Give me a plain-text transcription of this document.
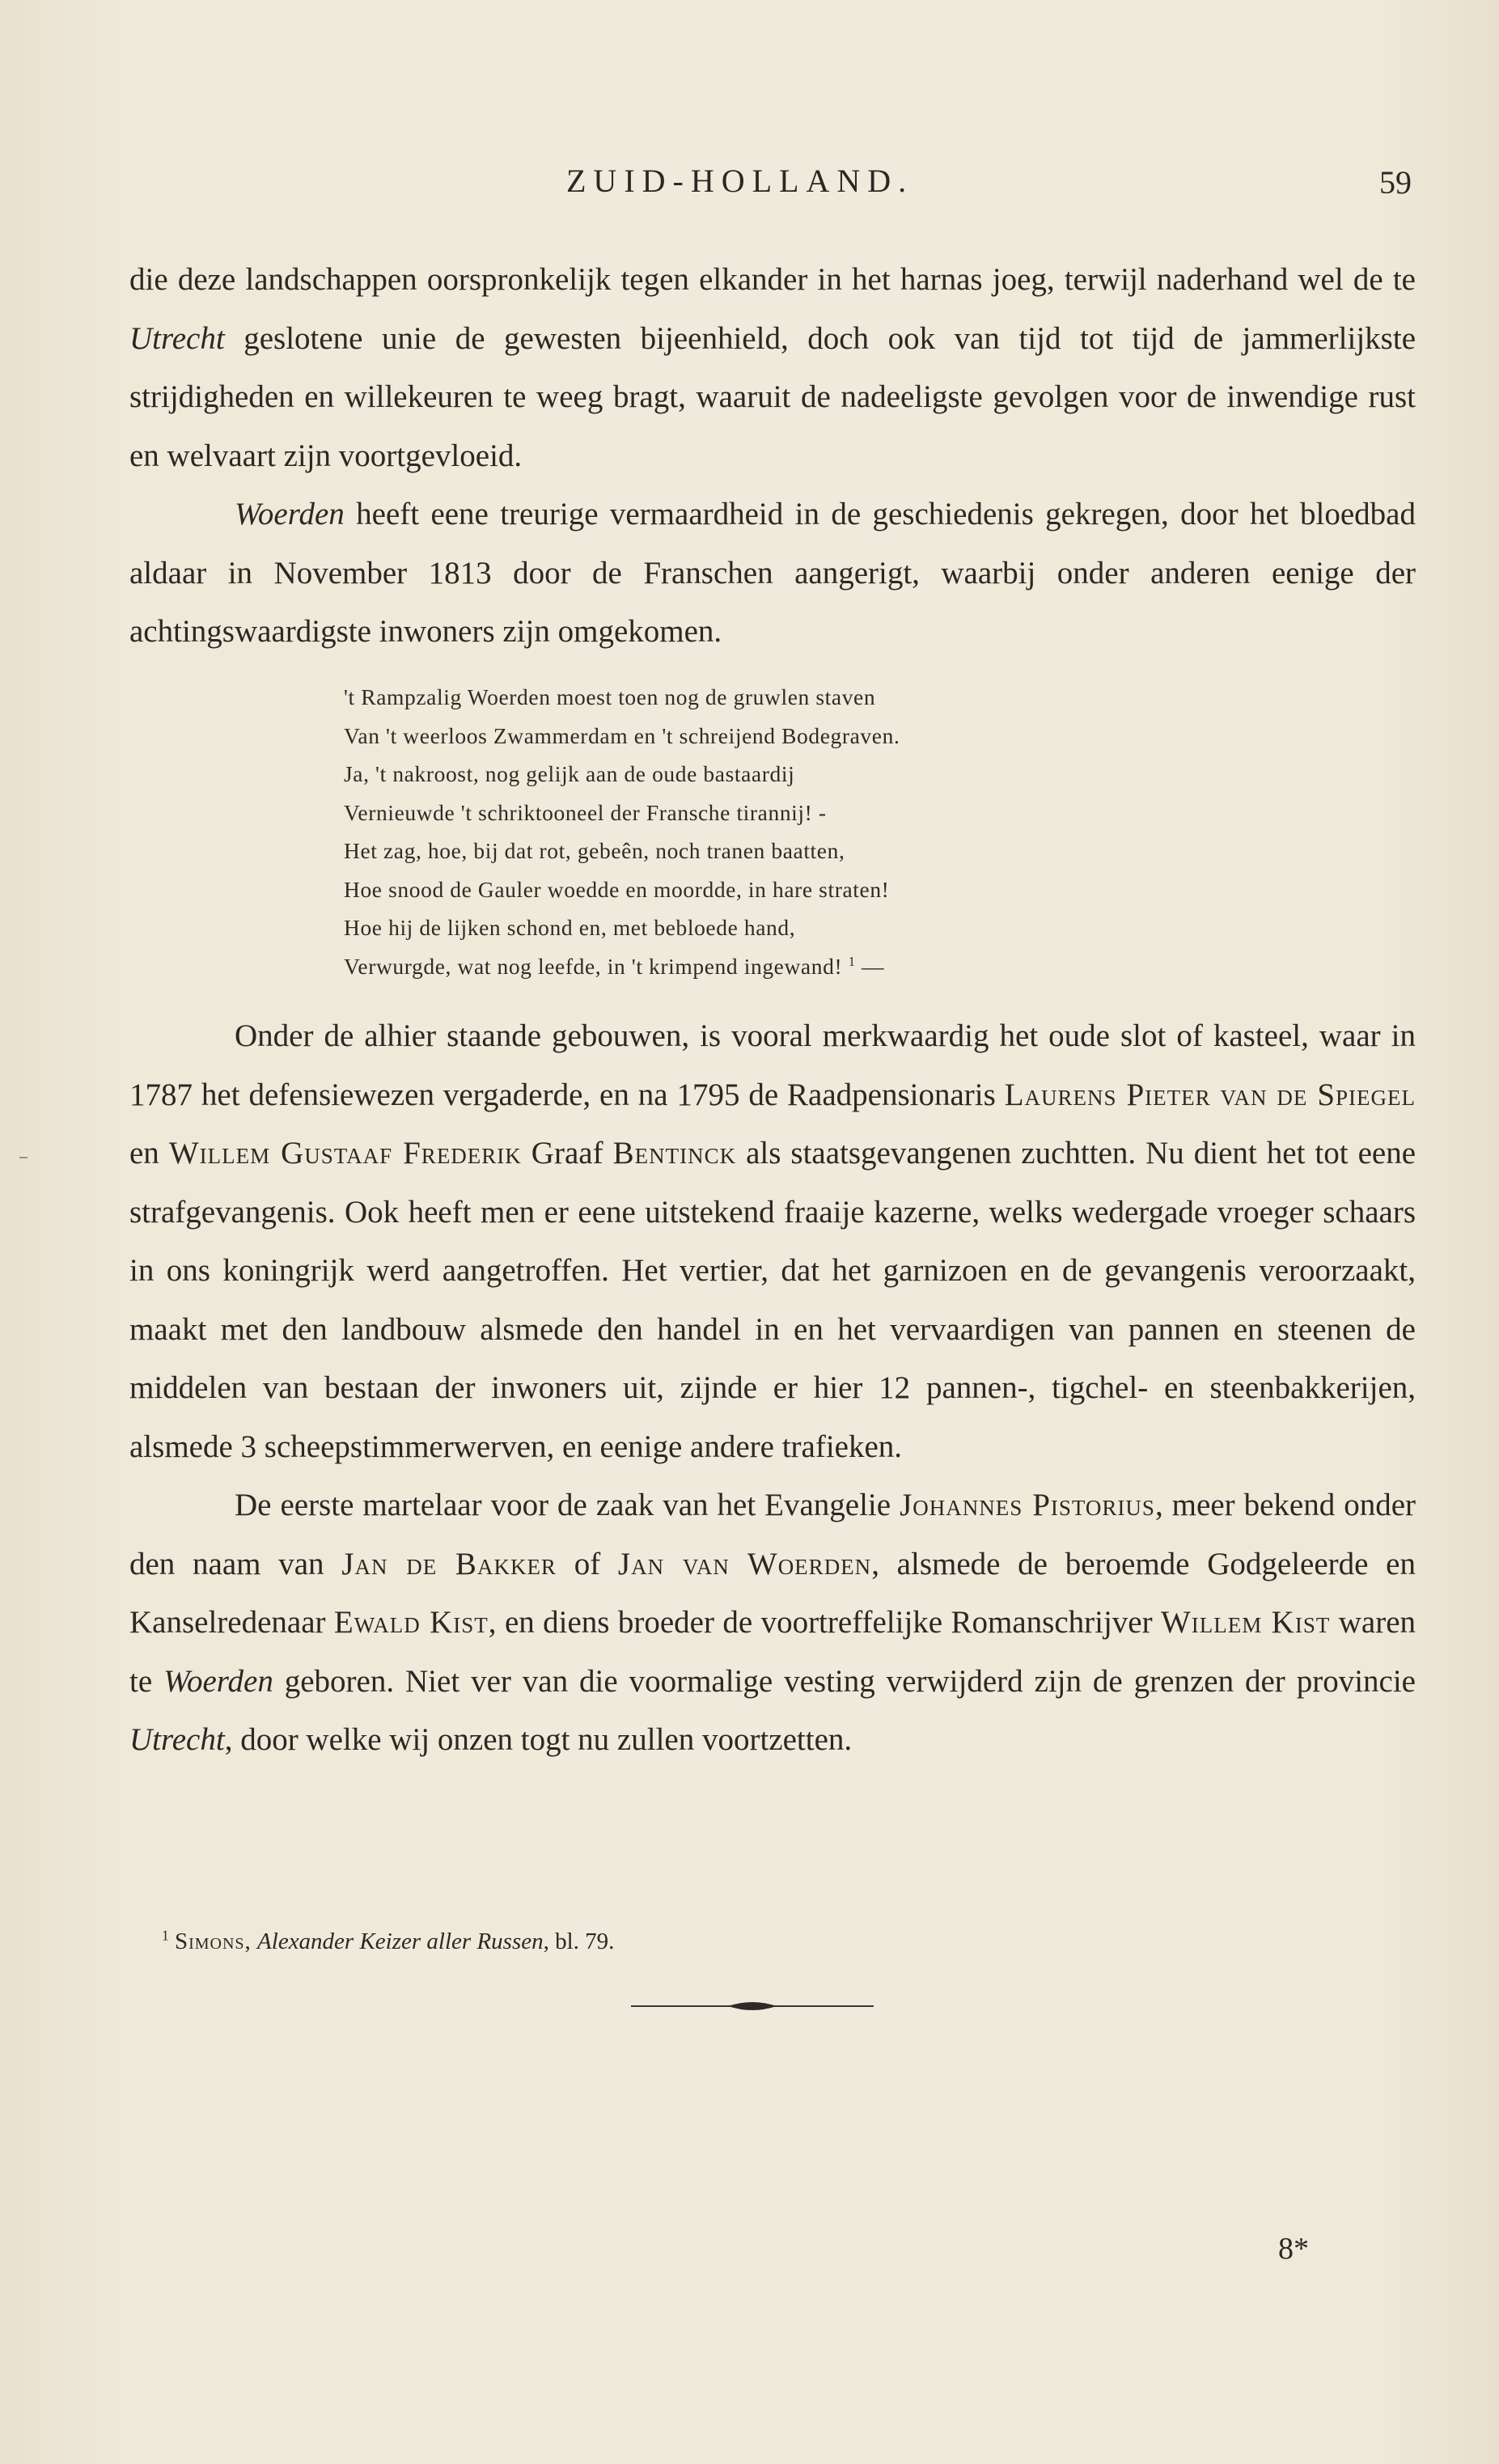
ZUID-HOLLAND.	59

die deze landschappen oorspronkelijk tegen elkander in het harnas joeg, terwijl naderhand wel de te Utrecht geslotene unie de gewesten bijeenhield, doch ook van tijd tot tijd de jammerlijkste strijdigheden en willekeuren te weeg bragt, waaruit de nadeeligste gevolgen voor de inwendige rust en welvaart zijn voortgevloeid.

Woerden heeft eene treurige vermaardheid in de geschiedenis gekregen, door het bloedbad aldaar in November 1813 door de Franschen aangerigt, waarbij onder anderen eenige der achtingswaardigste inwoners zijn omgekomen.

't Rampzalig Woerden moest toen nog de gruwlen staven
Van 't weerloos Zwammerdam en 't schreijend Bodegraven.
Ja, 't nakroost, nog gelijk aan de oude bastaardij
Vernieuwde 't schriktooneel der Fransche tirannij! -
Het zag, hoe, bij dat rot, gebeên, noch tranen baatten,
Hoe snood de Gauler woedde en moordde, in hare straten!
Hoe hij de lijken schond en, met bebloede hand,
Verwurgde, wat nog leefde, in 't krimpend ingewand! $^1$ —

Onder de alhier staande gebouwen, is vooral merkwaardig het oude slot of kasteel, waar in 1787 het defensiewezen vergaderde, en na 1795 de Raadpensionaris Laurens Pieter van de Spiegel en Willem Gustaaf Frederik Graaf Bentinck als staatsgevangenen zuchtten. Nu dient het tot eene strafgevangenis. Ook heeft men er eene uitstekend fraaije kazerne, welks wedergade vroeger schaars in ons koningrijk werd aangetroffen. Het vertier, dat het garnizoen en de gevangenis veroorzaakt, maakt met den landbouw alsmede den handel in en het vervaardigen van pannen en steenen de middelen van bestaan der inwoners uit, zijnde er hier 12 pannen-, tigchel- en steenbakkerijen, alsmede 3 scheepstimmerwerven, en eenige andere trafieken.

De eerste martelaar voor de zaak van het Evangelie Johannes Pistorius, meer bekend onder den naam van Jan de Bakker of Jan van Woerden, alsmede de beroemde Godgeleerde en Kanselredenaar Ewald Kist, en diens broeder de voortreffelijke Romanschrijver Willem Kist waren te Woerden geboren. Niet ver van die voormalige vesting verwijderd zijn de grenzen der provincie Utrecht, door welke wij onzen togt nu zullen voortzetten.

$^1$ Simons, Alexander Keizer aller Russen, bl. 79.
8*
